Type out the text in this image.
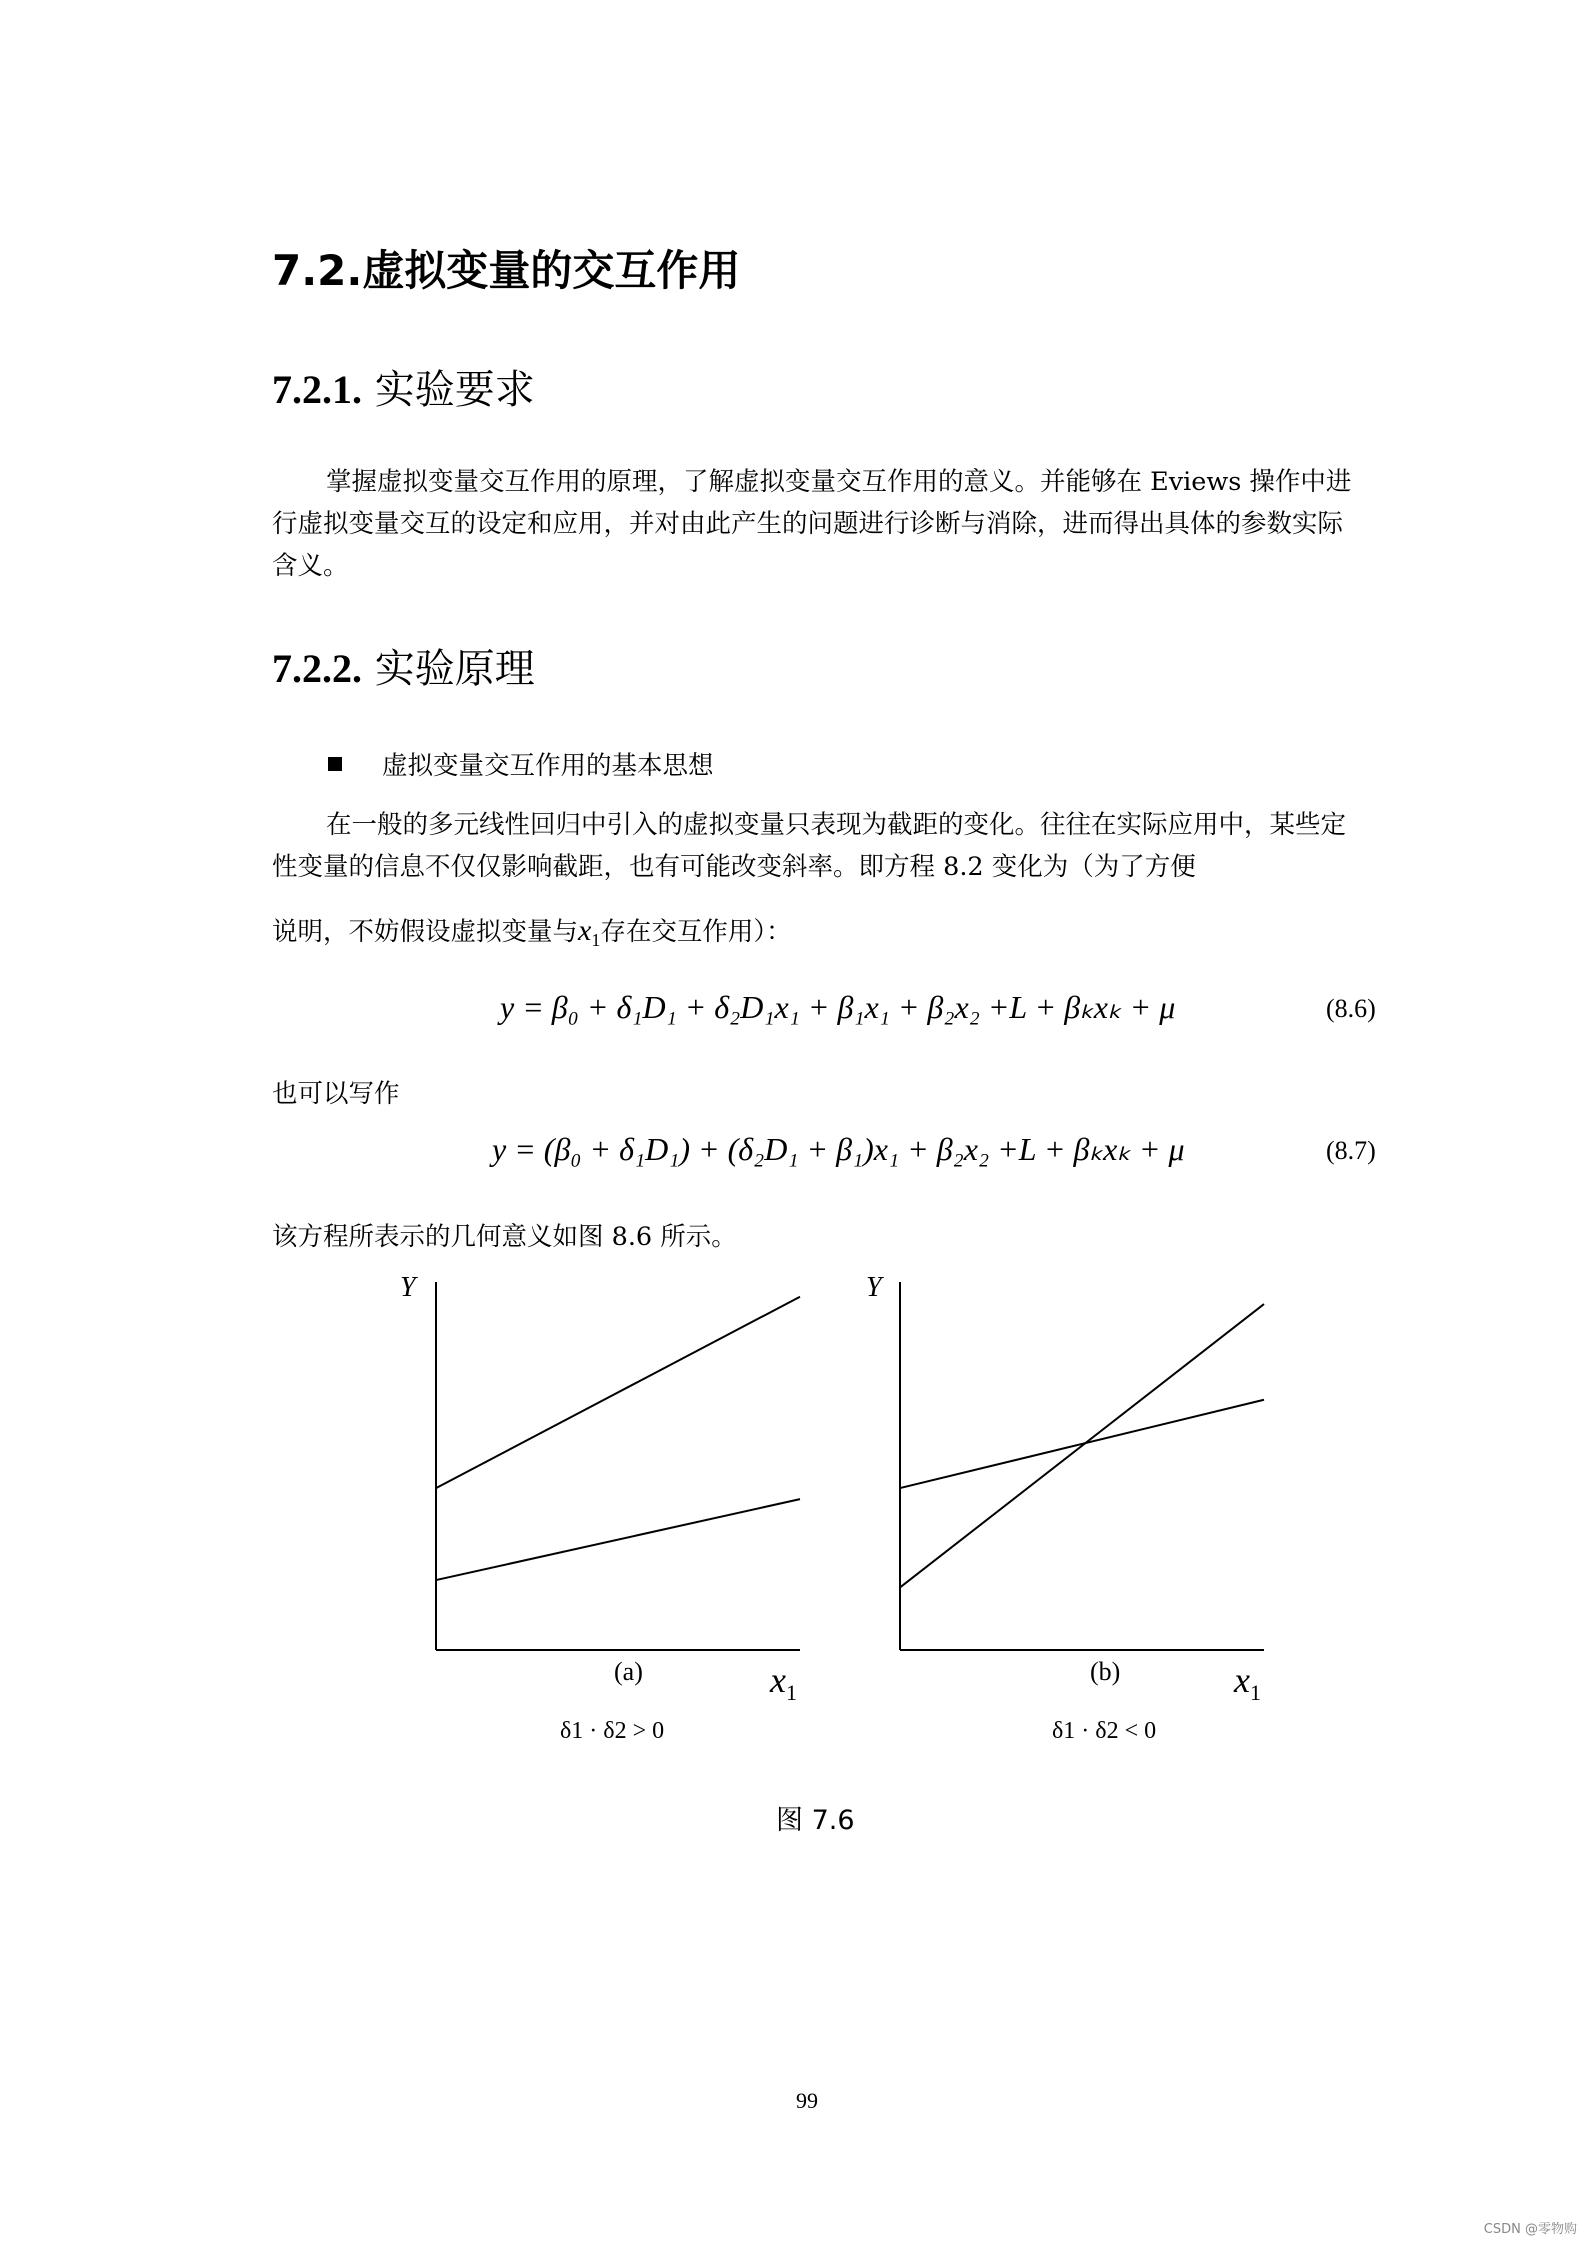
7.2.虚拟变量的交互作用
7.2.1. 实验要求
掌握虚拟变量交互作用的原理，了解虚拟变量交互作用的意义。并能够在 Eviews 操作中进行虚拟变量交互的设定和应用，并对由此产生的问题进行诊断与消除，进而得出具体的参数实际含义。
7.2.2. 实验原理
虚拟变量交互作用的基本思想
在一般的多元线性回归中引入的虚拟变量只表现为截距的变化。往往在实际应用中，某些定性变量的信息不仅仅影响截距，也有可能改变斜率。即方程 8.2 变化为（为了方便
说明，不妨假设虚拟变量与$x_1$存在交互作用）：
y = β₀ + δ₁D₁ + δ₂D₁x₁ + β₁x₁ + β₂x₂ +L + βₖxₖ + μ	(8.6)
也可以写作
y = (β₀ + δ₁D₁) + (δ₂D₁ + β₁)x₁ + β₂x₂ +L + βₖxₖ + μ	(8.7)
该方程所表示的几何意义如图 8.6 所示。
Y
$x_1$
(a)
δ1 · δ2 > 0
Y
$x_1$
(b)
δ1 · δ2 < 0
图 7.6
99
CSDN @零物购
